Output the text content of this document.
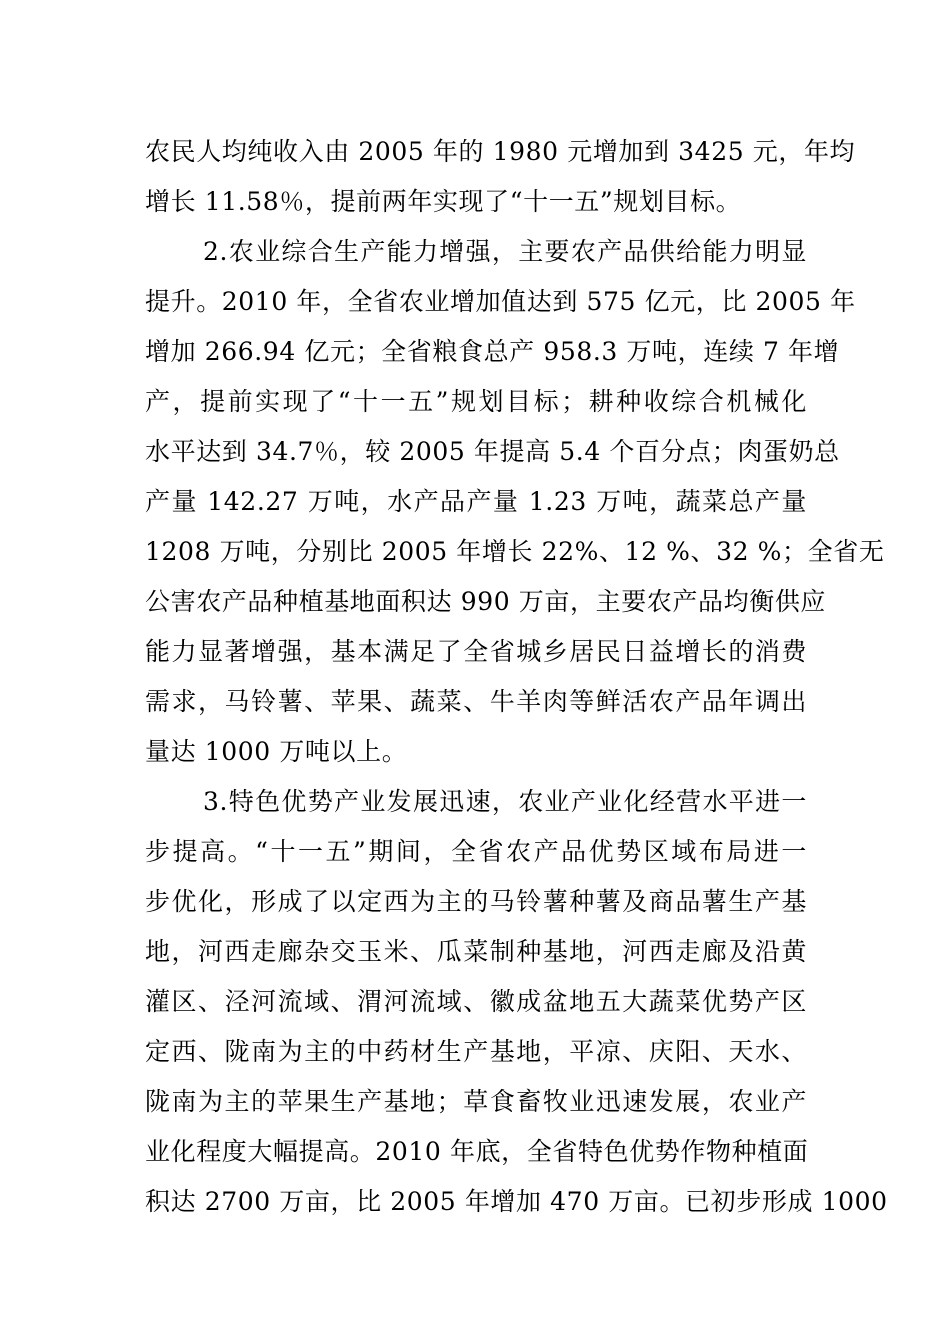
农民人均纯收入由 2005 年的 1980 元增加到 3425 元，年均
增长 11.58％，提前两年实现了“十一五”规划目标。
2.农业综合生产能力增强，主要农产品供给能力明显
提升。2010 年，全省农业增加值达到 575 亿元，比 2005 年
增加 266.94 亿元；全省粮食总产 958.3 万吨，连续 7 年增
产，提前实现了“十一五”规划目标；耕种收综合机械化
水平达到 34.7％，较 2005 年提高 5.4 个百分点；肉蛋奶总
产量 142.27 万吨，水产品产量 1.23 万吨，蔬菜总产量
1208 万吨，分别比 2005 年增长 22%、12 %、32 %；全省无
公害农产品种植基地面积达 990 万亩，主要农产品均衡供应
能力显著增强，基本满足了全省城乡居民日益增长的消费
需求，马铃薯、苹果、蔬菜、牛羊肉等鲜活农产品年调出
量达 1000 万吨以上。
3.特色优势产业发展迅速，农业产业化经营水平进一
步提高。“十一五”期间，全省农产品优势区域布局进一
步优化，形成了以定西为主的马铃薯种薯及商品薯生产基
地，河西走廊杂交玉米、瓜菜制种基地，河西走廊及沿黄
灌区、泾河流域、渭河流域、徽成盆地五大蔬菜优势产区
定西、陇南为主的中药材生产基地，平凉、庆阳、天水、
陇南为主的苹果生产基地；草食畜牧业迅速发展，农业产
业化程度大幅提高。2010 年底，全省特色优势作物种植面
积达 2700 万亩，比 2005 年增加 470 万亩。已初步形成 1000
